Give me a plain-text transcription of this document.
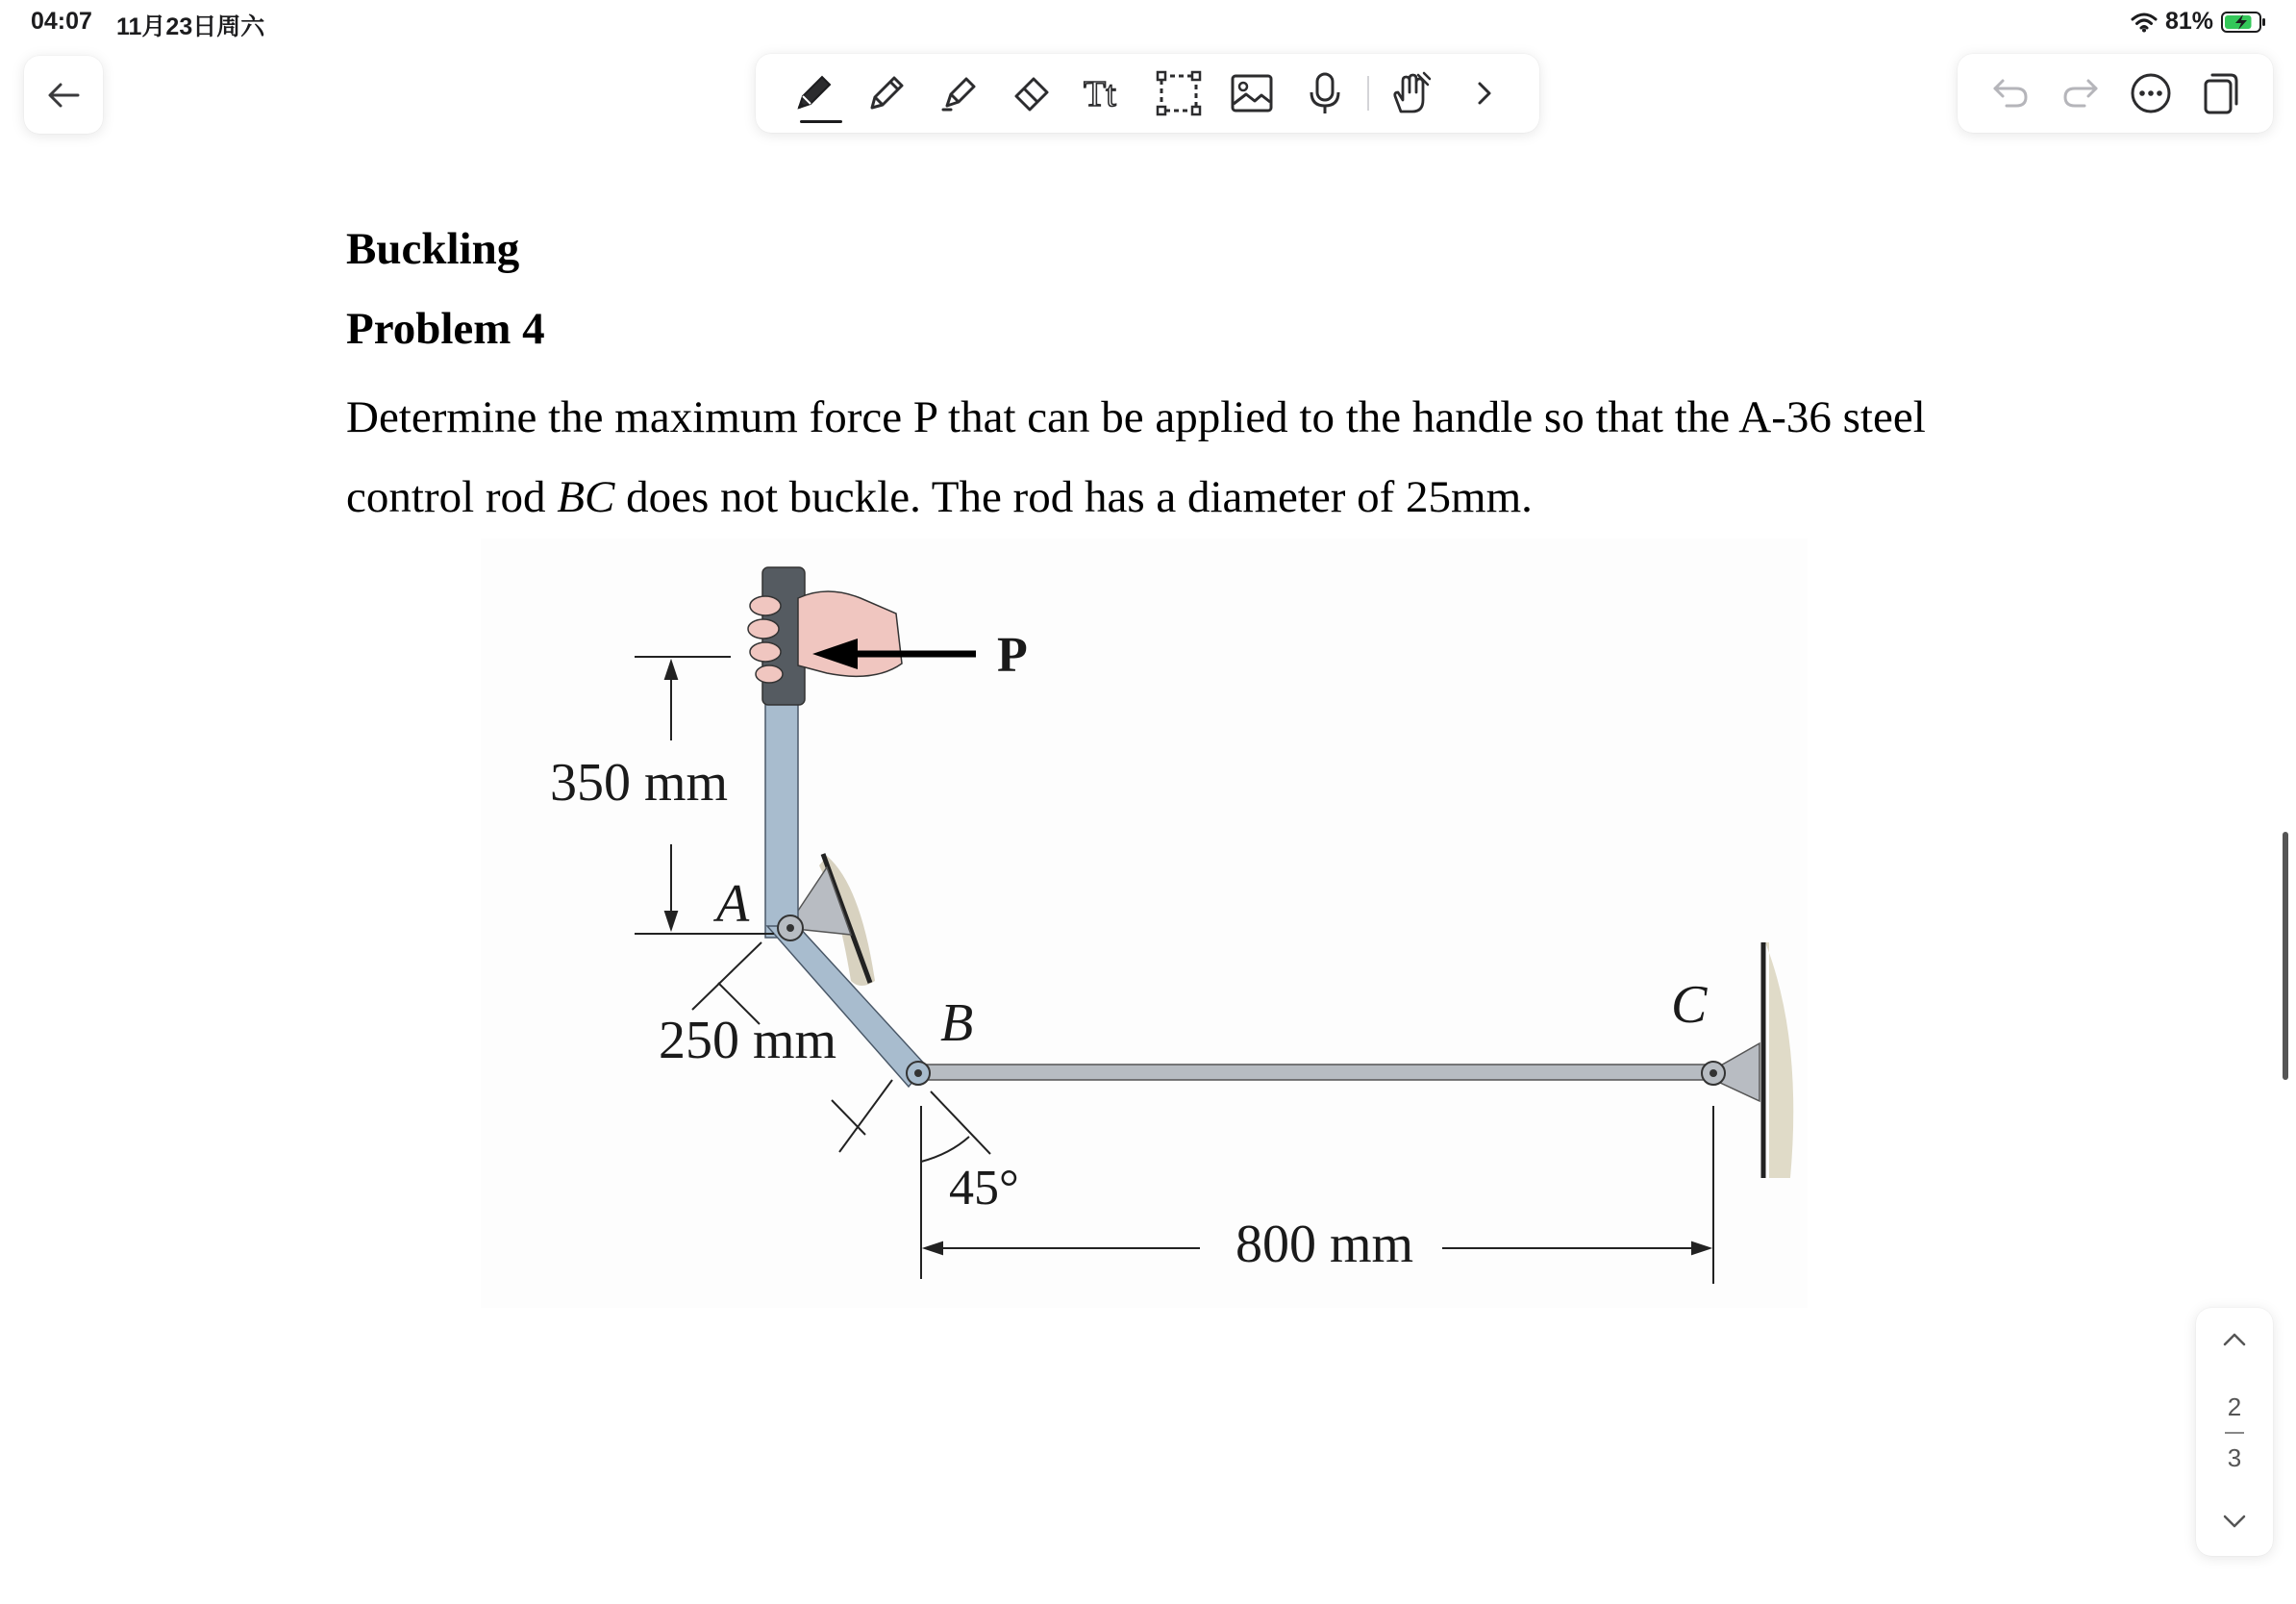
04:07 11月23日周六	81%
Tt
Buckling
Problem 4
Determine the maximum force P that can be applied to the handle so that the A-36 steel
control rod BC does not buckle. The rod has a diameter of 25mm.
P
350 mm
250 mm
A
B	C
45°
800 mm
2
3
